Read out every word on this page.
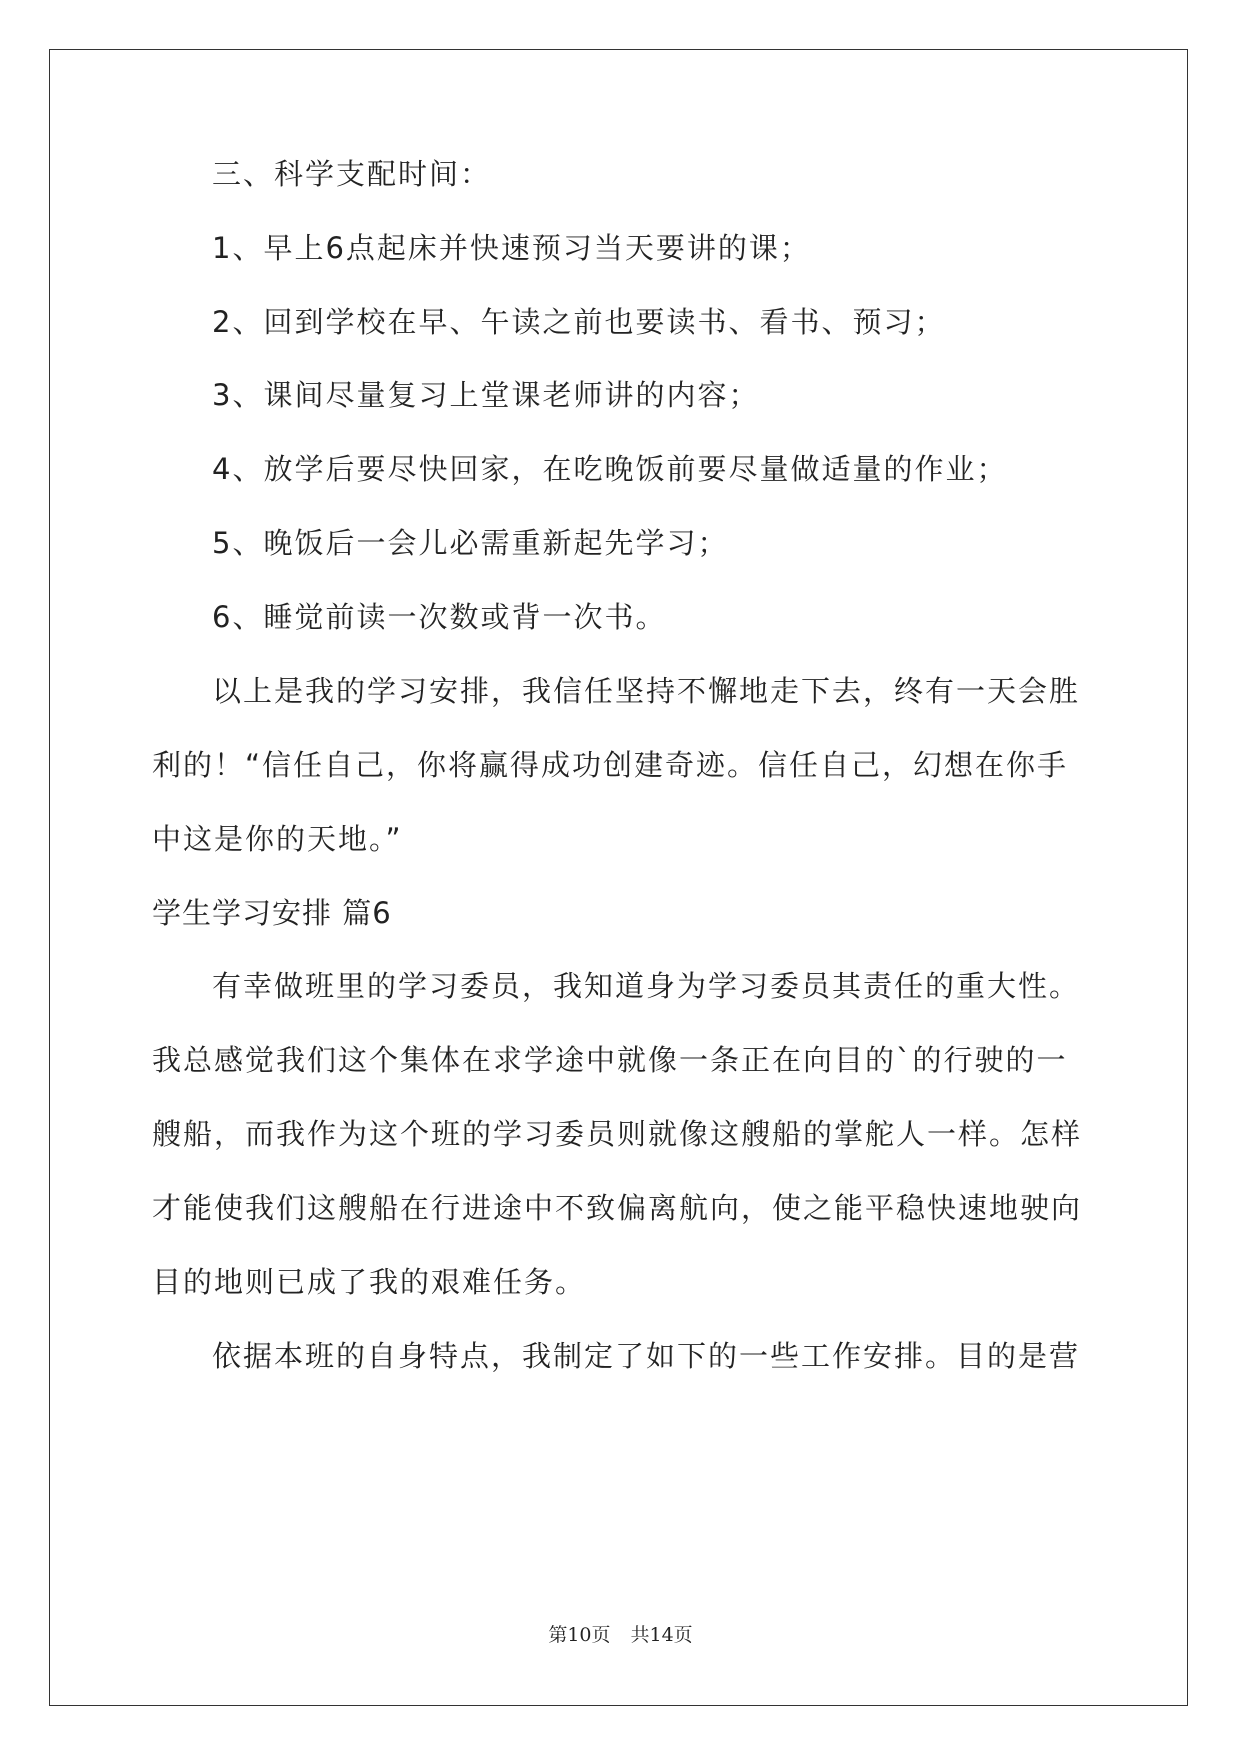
三、科学支配时间：
1、早上6点起床并快速预习当天要讲的课；
2、回到学校在早、午读之前也要读书、看书、预习；
3、课间尽量复习上堂课老师讲的内容；
4、放学后要尽快回家，在吃晚饭前要尽量做适量的作业；
5、晚饭后一会儿必需重新起先学习；
6、睡觉前读一次数或背一次书。
以上是我的学习安排，我信任坚持不懈地走下去，终有一天会胜
利的！“信任自己，你将赢得成功创建奇迹。信任自己，幻想在你手
中这是你的天地。”
学生学习安排 篇6
有幸做班里的学习委员，我知道身为学习委员其责任的重大性。
我总感觉我们这个集体在求学途中就像一条正在向目的`的行驶的一
艘船，而我作为这个班的学习委员则就像这艘船的掌舵人一样。怎样
才能使我们这艘船在行进途中不致偏离航向，使之能平稳快速地驶向
目的地则已成了我的艰难任务。
依据本班的自身特点，我制定了如下的一些工作安排。目的是营
第10页 共14页
